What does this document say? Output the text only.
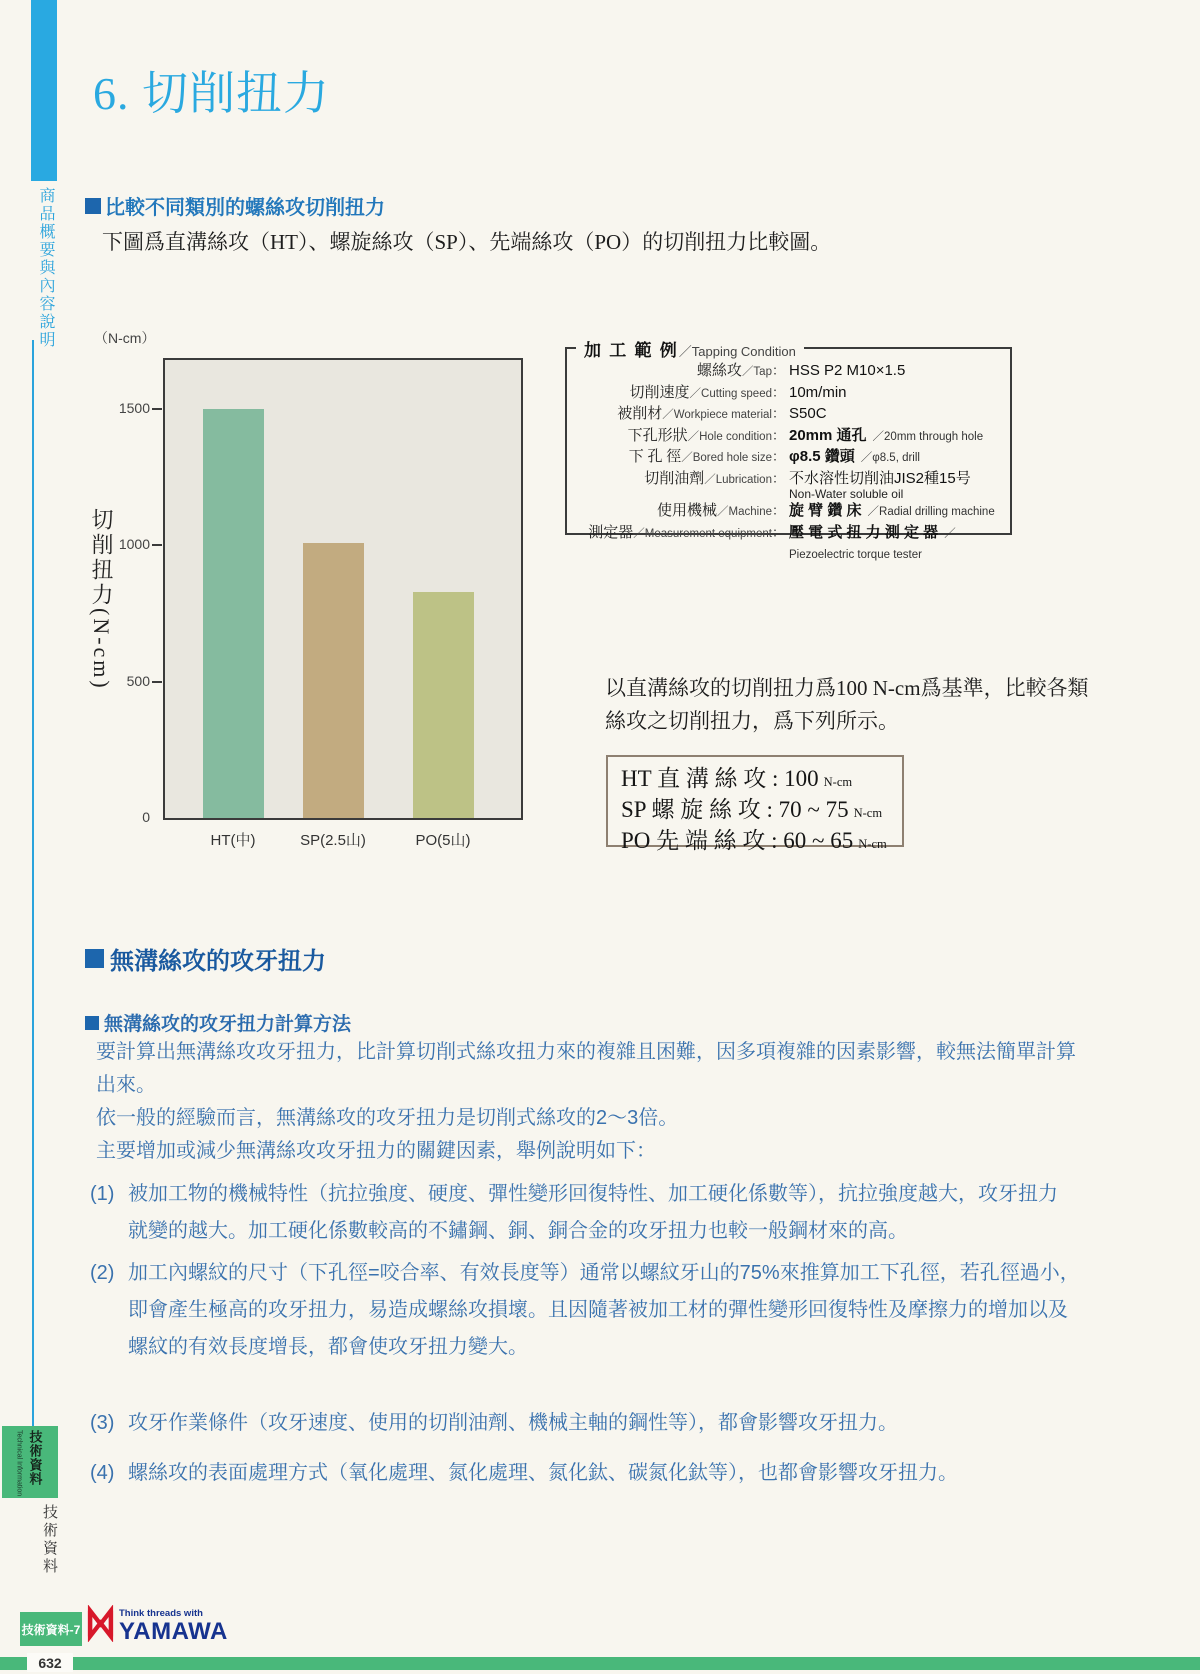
商品概要與內容說明
Technical Information 技術資料
技術資料
6. 切削扭力
比較不同類別的螺絲攻切削扭力
下圖爲直溝絲攻（HT）、螺旋絲攻（SP）、先端絲攻（PO）的切削扭力比較圖。
（N-cm）
切削扭力(N-cm)
加 工 範 例／Tapping Condition
螺絲攻／Tap： HSS P2 M10×1.5
切削速度／Cutting speed： 10m/min
被削材／Workpiece material： S50C
下孔形狀／Hole condition： 20mm 通孔 ／20mm through hole
下 孔 徑／Bored hole size： φ8.5 鑽頭 ／φ8.5, drill
切削油劑／Lubrication： 不水溶性切削油JIS2種15号
Non-Water soluble oil
使用機械／Machine： 旋 臂 鑽 床 ／Radial drilling machine
測定器／Measurement equipment： 壓 電 式 扭 力 測 定 器 ／Piezoelectric torque tester
以直溝絲攻的切削扭力爲100 N-cm爲基準，比較各類
絲攻之切削扭力，爲下列所示。
HT 直 溝 絲 攻 : 100 N-cm
SP 螺 旋 絲 攻 : 70 ~ 75 N-cm
PO 先 端 絲 攻 : 60 ~ 65 N-cm
無溝絲攻的攻牙扭力
無溝絲攻的攻牙扭力計算方法
要計算出無溝絲攻攻牙扭力，比計算切削式絲攻扭力來的複雜且困難，因多項複雜的因素影響，較無法簡單計算
出來。
依一般的經驗而言，無溝絲攻的攻牙扭力是切削式絲攻的2～3倍。
主要增加或減少無溝絲攻攻牙扭力的關鍵因素，舉例說明如下：
(1) 被加工物的機械特性（抗拉強度、硬度、彈性變形回復特性、加工硬化係數等），抗拉強度越大，攻牙扭力
就變的越大。加工硬化係數較高的不鏽鋼、銅、銅合金的攻牙扭力也較一般鋼材來的高。
(2) 加工內螺紋的尺寸（下孔徑=咬合率、有效長度等）通常以螺紋牙山的75%來推算加工下孔徑，若孔徑過小，
即會產生極高的攻牙扭力，易造成螺絲攻損壞。且因隨著被加工材的彈性變形回復特性及摩擦力的增加以及
螺紋的有效長度增長，都會使攻牙扭力變大。
(3) 攻牙作業條件（攻牙速度、使用的切削油劑、機械主軸的鋼性等），都會影響攻牙扭力。
(4) 螺絲攻的表面處理方式（氧化處理、氮化處理、氮化鈦、碳氮化鈦等），也都會影響攻牙扭力。
技術資料-7
Think threads with
YAMAWA
632
0
500
1000
1500
HT(中)	SP(2.5山)	PO(5山)
